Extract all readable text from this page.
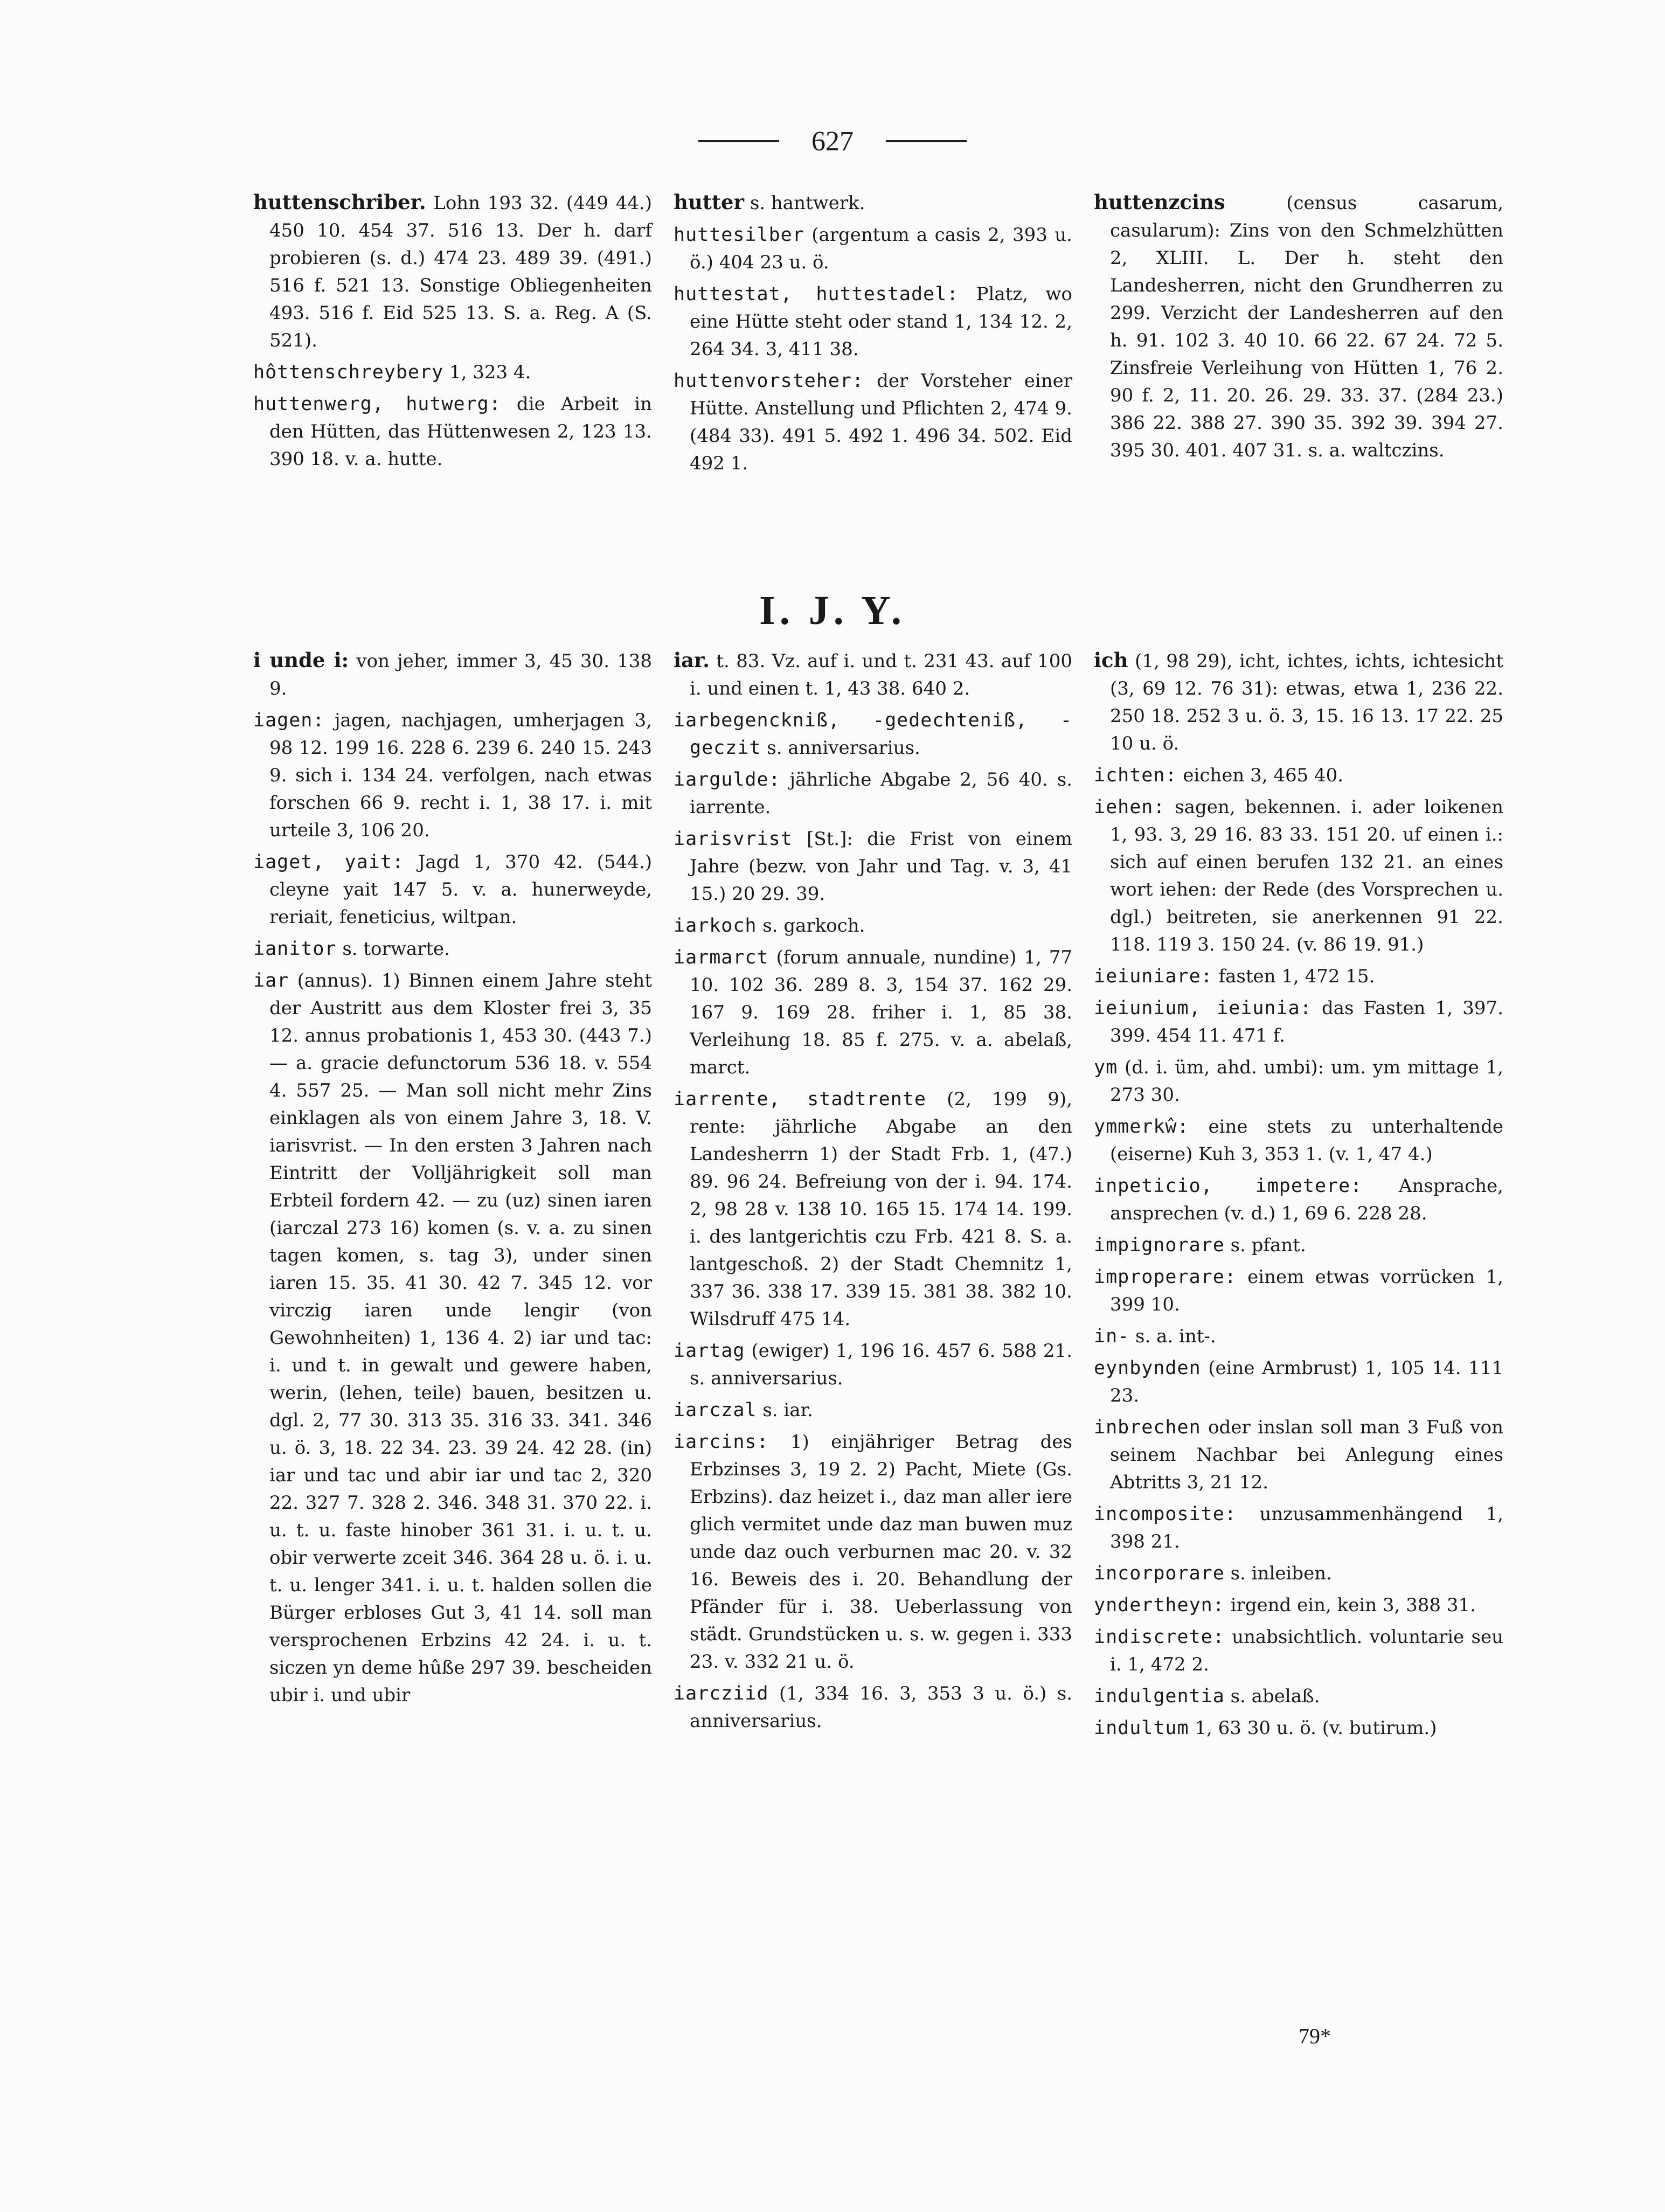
627
huttenschriber. Lohn 193 32. (449 44.) 450 10. 454 37. 516 13. Der h. darf probieren (s. d.) 474 23. 489 39. (491.) 516 f. 521 13. Sonstige Obliegenheiten 493. 516 f. Eid 525 13. S. a. Reg. A (S. 521).
hôttenschreybery 1, 323 4.
huttenwerg, hutwerg: die Arbeit in den Hütten, das Hüttenwesen 2, 123 13. 390 18. v. a. hutte.
hutter s. hantwerk.
huttesilber (argentum a casis 2, 393 u. ö.) 404 23 u. ö.
huttestat, huttestadel: Platz, wo eine Hütte steht oder stand 1, 134 12. 2, 264 34. 3, 411 38.
huttenvorsteher: der Vorsteher einer Hütte. Anstellung und Pflichten 2, 474 9. (484 33). 491 5. 492 1. 496 34. 502. Eid 492 1.
huttenzcins (census casarum, casularum): Zins von den Schmelzhütten 2, XLIII. L. Der h. steht den Landesherren, nicht den Grundherren zu 299. Verzicht der Landesherren auf den h. 91. 102 3. 40 10. 66 22. 67 24. 72 5. Zinsfreie Verleihung von Hütten 1, 76 2. 90 f. 2, 11. 20. 26. 29. 33. 37. (284 23.) 386 22. 388 27. 390 35. 392 39. 394 27. 395 30. 401. 407 31. s. a. waltczins.
I. J. Y.
i unde i: von jeher, immer 3, 45 30. 138 9.
iagen: jagen, nachjagen, umherjagen 3, 98 12. 199 16. 228 6. 239 6. 240 15. 243 9. sich i. 134 24. verfolgen, nach etwas forschen 66 9. recht i. 1, 38 17. i. mit urteile 3, 106 20.
iaget, yait: Jagd 1, 370 42. (544.) cleyne yait 147 5. v. a. hunerweyde, reriait, feneticius, wiltpan.
ianitor s. torwarte.
iar (annus). 1) Binnen einem Jahre steht der Austritt aus dem Kloster frei 3, 35 12. annus probationis 1, 453 30. (443 7.) — a. gracie defunctorum 536 18. v. 554 4. 557 25. — Man soll nicht mehr Zins einklagen als von einem Jahre 3, 18. V. iarisvrist. — In den ersten 3 Jahren nach Eintritt der Volljährigkeit soll man Erbteil fordern 42. — zu (uz) sinen iaren (iarczal 273 16) komen (s. v. a. zu sinen tagen komen, s. tag 3), under sinen iaren 15. 35. 41 30. 42 7. 345 12. vor virczig iaren unde lengir (von Gewohnheiten) 1, 136 4. 2) iar und tac: i. und t. in gewalt und gewere haben, werin, (lehen, teile) bauen, besitzen u. dgl. 2, 77 30. 313 35. 316 33. 341. 346 u. ö. 3, 18. 22 34. 23. 39 24. 42 28. (in) iar und tac und abir iar und tac 2, 320 22. 327 7. 328 2. 346. 348 31. 370 22. i. u. t. u. faste hinober 361 31. i. u. t. u. obir verwerte zceit 346. 364 28 u. ö. i. u. t. u. lenger 341. i. u. t. halden sollen die Bürger erbloses Gut 3, 41 14. soll man versprochenen Erbzins 42 24. i. u. t. siczen yn deme hûße 297 39. bescheiden ubir i. und ubir
iar. t. 83. Vz. auf i. und t. 231 43. auf 100 i. und einen t. 1, 43 38. 640 2.
iarbegenckniß, -gedechteniß, -geczit s. anniversarius.
iargulde: jährliche Abgabe 2, 56 40. s. iarrente.
iarisvrist [St.]: die Frist von einem Jahre (bezw. von Jahr und Tag. v. 3, 41 15.) 20 29. 39.
iarkoch s. garkoch.
iarmarct (forum annuale, nundine) 1, 77 10. 102 36. 289 8. 3, 154 37. 162 29. 167 9. 169 28. friher i. 1, 85 38. Verleihung 18. 85 f. 275. v. a. abelaß, marct.
iarrente, stadtrente (2, 199 9), rente: jährliche Abgabe an den Landesherrn 1) der Stadt Frb. 1, (47.) 89. 96 24. Befreiung von der i. 94. 174. 2, 98 28 v. 138 10. 165 15. 174 14. 199. i. des lantgerichtis czu Frb. 421 8. S. a. lantgeschoß. 2) der Stadt Chemnitz 1, 337 36. 338 17. 339 15. 381 38. 382 10. Wilsdruff 475 14.
iartag (ewiger) 1, 196 16. 457 6. 588 21. s. anniversarius.
iarczal s. iar.
iarcins: 1) einjähriger Betrag des Erbzinses 3, 19 2. 2) Pacht, Miete (Gs. Erbzins). daz heizet i., daz man aller iere glich vermitet unde daz man buwen muz unde daz ouch verburnen mac 20. v. 32 16. Beweis des i. 20. Behandlung der Pfänder für i. 38. Ueberlassung von städt. Grundstücken u. s. w. gegen i. 333 23. v. 332 21 u. ö.
iarcziid (1, 334 16. 3, 353 3 u. ö.) s. anniversarius.
ich (1, 98 29), icht, ichtes, ichts, ichtesicht (3, 69 12. 76 31): etwas, etwa 1, 236 22. 250 18. 252 3 u. ö. 3, 15. 16 13. 17 22. 25 10 u. ö.
ichten: eichen 3, 465 40.
iehen: sagen, bekennen. i. ader loikenen 1, 93. 3, 29 16. 83 33. 151 20. uf einen i.: sich auf einen berufen 132 21. an eines wort iehen: der Rede (des Vorsprechen u. dgl.) beitreten, sie anerkennen 91 22. 118. 119 3. 150 24. (v. 86 19. 91.)
ieiuniare: fasten 1, 472 15.
ieiunium, ieiunia: das Fasten 1, 397. 399. 454 11. 471 f.
ym (d. i. üm, ahd. umbi): um. ym mittage 1, 273 30.
ymmerkŵ: eine stets zu unterhaltende (eiserne) Kuh 3, 353 1. (v. 1, 47 4.)
inpeticio, impetere: Ansprache, ansprechen (v. d.) 1, 69 6. 228 28.
impignorare s. pfant.
improperare: einem etwas vorrücken 1, 399 10.
in- s. a. int-.
eynbynden (eine Armbrust) 1, 105 14. 111 23.
inbrechen oder inslan soll man 3 Fuß von seinem Nachbar bei Anlegung eines Abtritts 3, 21 12.
incomposite: unzusammenhängend 1, 398 21.
incorporare s. inleiben.
yndertheyn: irgend ein, kein 3, 388 31.
indiscrete: unabsichtlich. voluntarie seu i. 1, 472 2.
indulgentia s. abelaß.
indultum 1, 63 30 u. ö. (v. butirum.)
79*
